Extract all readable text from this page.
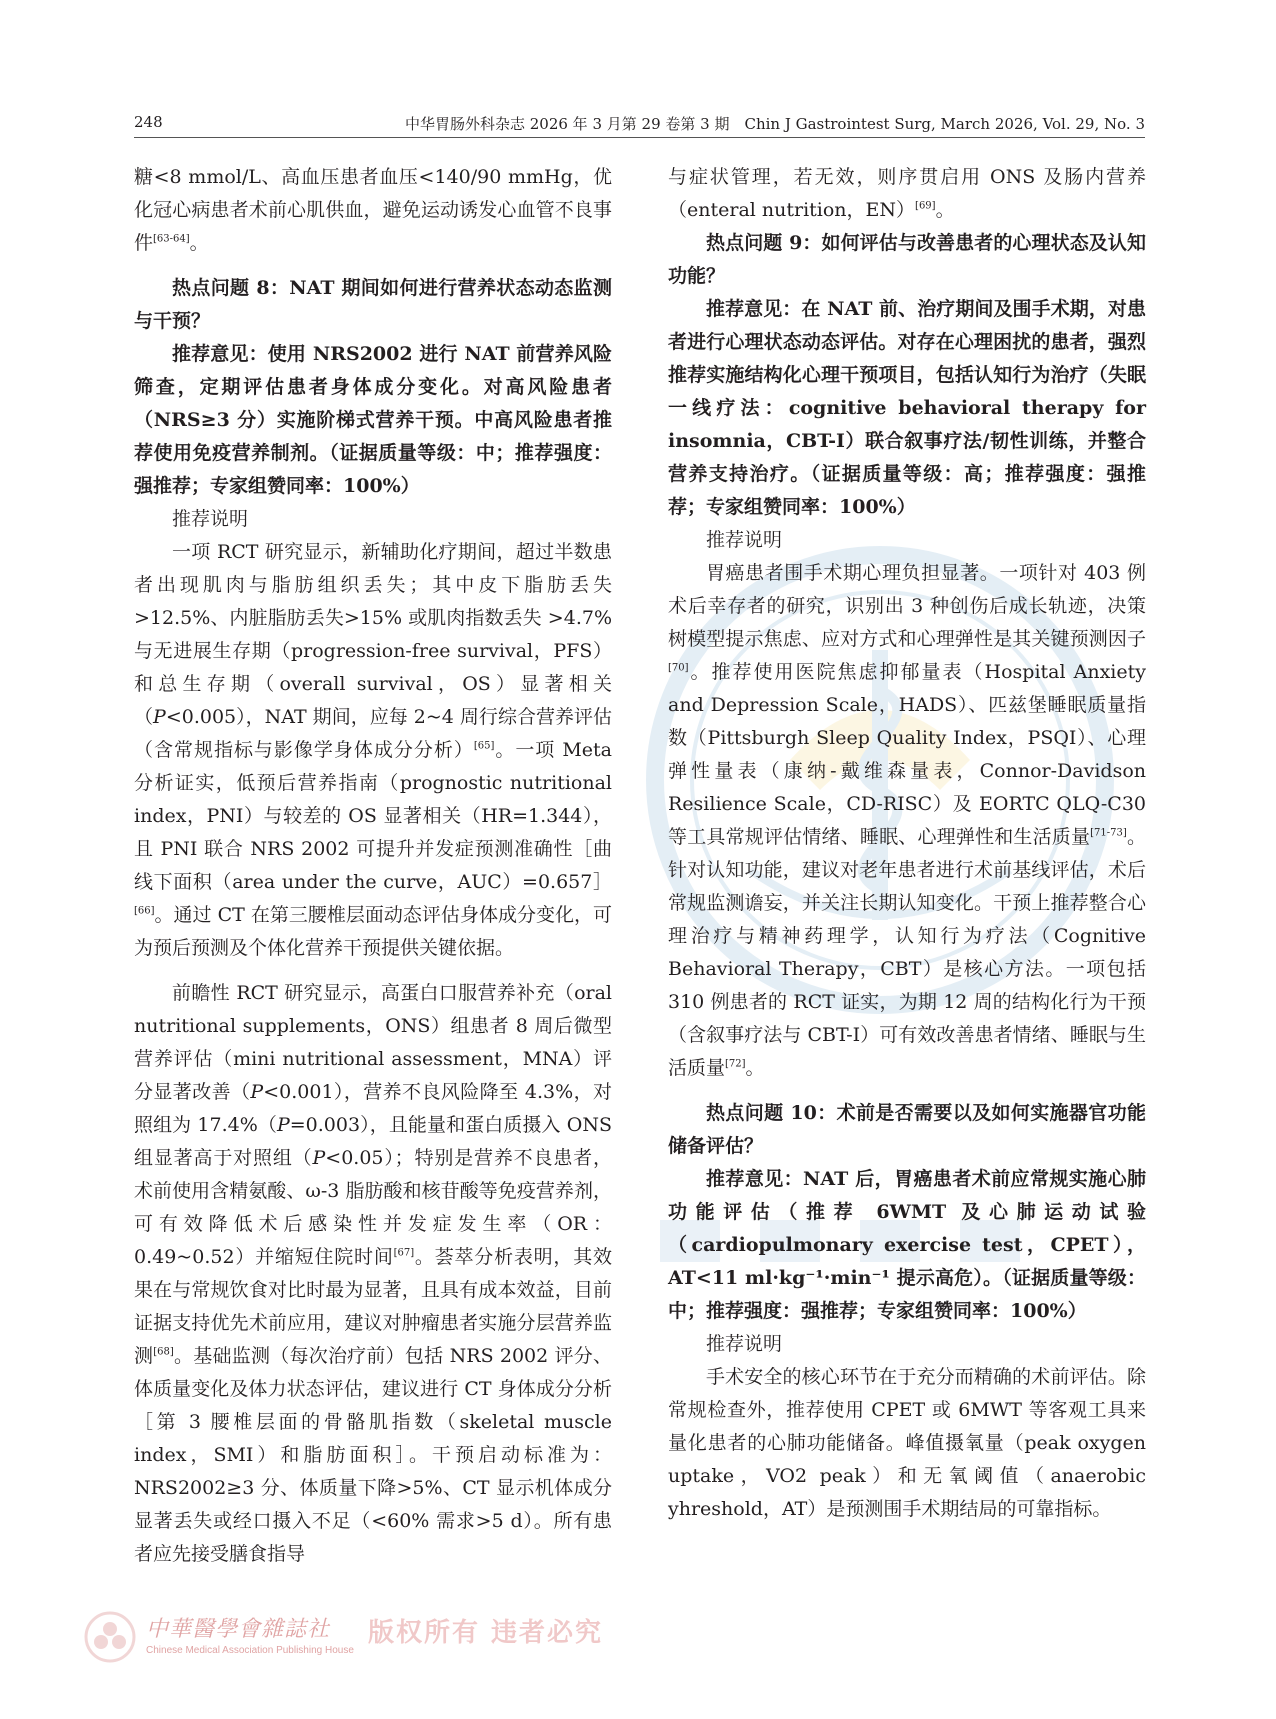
248	中华胃肠外科杂志 2026 年 3 月第 29 卷第 3 期　Chin J Gastrointest Surg, March 2026, Vol. 29, No. 3

糖<8 mmol/L、高血压患者血压<140/90 mmHg，优化冠心病患者术前心肌供血，避免运动诱发心血管不良事件[63-64]。

热点问题 8：NAT 期间如何进行营养状态动态监测与干预？

推荐意见：使用 NRS2002 进行 NAT 前营养风险筛查，定期评估患者身体成分变化。对高风险患者（NRS≥3 分）实施阶梯式营养干预。中高风险患者推荐使用免疫营养制剂。（证据质量等级：中；推荐强度：强推荐；专家组赞同率：100%）

推荐说明

一项 RCT 研究显示，新辅助化疗期间，超过半数患者出现肌肉与脂肪组织丢失；其中皮下脂肪丢失>12.5%、内脏脂肪丢失>15% 或肌肉指数丢失 >4.7% 与无进展生存期（progression-free survival，PFS）和总生存期（overall survival，OS）显著相关（P<0.005），NAT 期间，应每 2~4 周行综合营养评估（含常规指标与影像学身体成分分析）[65]。一项 Meta 分析证实，低预后营养指南（prognostic nutritional index，PNI）与较差的 OS 显著相关（HR=1.344），且 PNI 联合 NRS 2002 可提升并发症预测准确性［曲线下面积（area under the curve，AUC）=0.657］[66]。通过 CT 在第三腰椎层面动态评估身体成分变化，可为预后预测及个体化营养干预提供关键依据。

前瞻性 RCT 研究显示，高蛋白口服营养补充（oral nutritional supplements，ONS）组患者 8 周后微型营养评估（mini nutritional assessment，MNA）评分显著改善（P<0.001），营养不良风险降至 4.3%，对照组为 17.4%（P=0.003），且能量和蛋白质摄入 ONS 组显著高于对照组（P<0.05）；特别是营养不良患者，术前使用含精氨酸、ω-3 脂肪酸和核苷酸等免疫营养剂，可有效降低术后感染性并发症发生率（OR：0.49~0.52）并缩短住院时间[67]。荟萃分析表明，其效果在与常规饮食对比时最为显著，且具有成本效益，目前证据支持优先术前应用，建议对肿瘤患者实施分层营养监测[68]。基础监测（每次治疗前）包括 NRS 2002 评分、体质量变化及体力状态评估，建议进行 CT 身体成分分析［第 3 腰椎层面的骨骼肌指数（skeletal muscle index，SMI）和脂肪面积］。干预启动标准为：NRS2002≥3 分、体质量下降>5%、CT 显示机体成分显著丢失或经口摄入不足（<60% 需求>5 d）。所有患者应先接受膳食指导

与症状管理，若无效，则序贯启用 ONS 及肠内营养（enteral nutrition，EN）[69]。

热点问题 9：如何评估与改善患者的心理状态及认知功能？

推荐意见：在 NAT 前、治疗期间及围手术期，对患者进行心理状态动态评估。对存在心理困扰的患者，强烈推荐实施结构化心理干预项目，包括认知行为治疗（失眠一线疗法：cognitive behavioral therapy for insomnia，CBT-I）联合叙事疗法/韧性训练，并整合营养支持治疗。（证据质量等级：高；推荐强度：强推荐；专家组赞同率：100%）

推荐说明

胃癌患者围手术期心理负担显著。一项针对 403 例术后幸存者的研究，识别出 3 种创伤后成长轨迹，决策树模型提示焦虑、应对方式和心理弹性是其关键预测因子[70]。推荐使用医院焦虑抑郁量表（Hospital Anxiety and Depression Scale，HADS）、匹兹堡睡眠质量指数（Pittsburgh Sleep Quality Index，PSQI）、心理弹性量表（康纳-戴维森量表，Connor-Davidson Resilience Scale，CD-RISC）及 EORTC QLQ-C30 等工具常规评估情绪、睡眠、心理弹性和生活质量[71-73]。针对认知功能，建议对老年患者进行术前基线评估，术后常规监测谵妄，并关注长期认知变化。干预上推荐整合心理治疗与精神药理学，认知行为疗法（Cognitive Behavioral Therapy，CBT）是核心方法。一项包括 310 例患者的 RCT 证实，为期 12 周的结构化行为干预（含叙事疗法与 CBT-I）可有效改善患者情绪、睡眠与生活质量[72]。

热点问题 10：术前是否需要以及如何实施器官功能储备评估？

推荐意见：NAT 后，胃癌患者术前应常规实施心肺功能评估（推荐 6WMT 及心肺运动试验（cardiopulmonary exercise test，CPET），AT<11 ml·kg⁻¹·min⁻¹ 提示高危）。（证据质量等级：中；推荐强度：强推荐；专家组赞同率：100%）

推荐说明

手术安全的核心环节在于充分而精确的术前评估。除常规检查外，推荐使用 CPET 或 6MWT 等客观工具来量化患者的心肺功能储备。峰值摄氧量（peak oxygen uptake，VO2 peak）和无氧阈值（anaerobic yhreshold，AT）是预测围手术期结局的可靠指标。

中華醫學會雜誌社
Chinese Medical Association Publishing House
版权所有 违者必究
